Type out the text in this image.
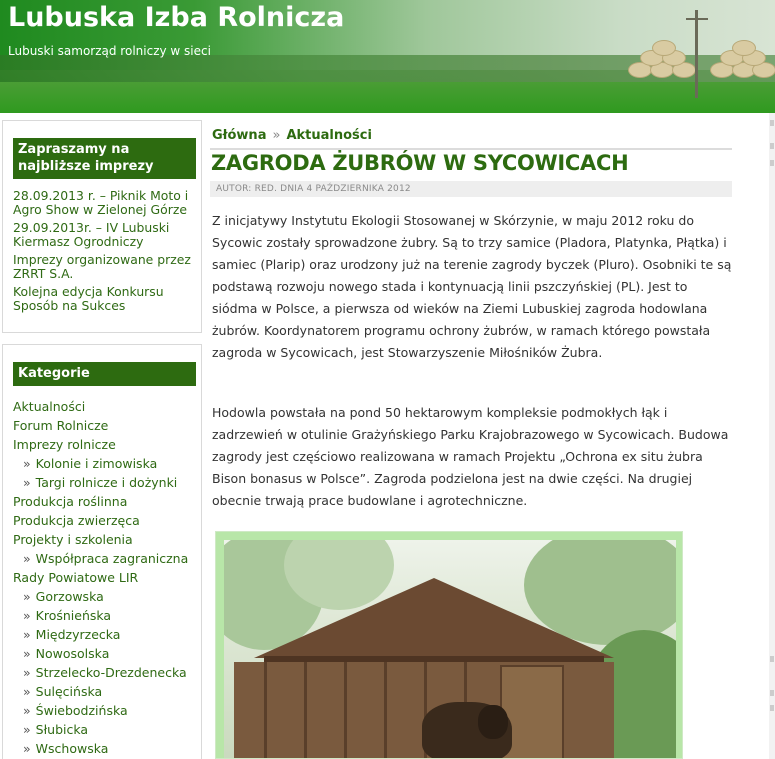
Lubuska Izba Rolnicza
Lubuski samorząd rolniczy w sieci
Zapraszamy na najbliższe imprezy
28.09.2013 r. – Piknik Moto i Agro Show w Zielonej Górze
29.09.2013r. – IV Lubuski Kiermasz Ogrodniczy
Imprezy organizowane przez ZRRT S.A.
Kolejna edycja Konkursu Sposób na Sukces
Kategorie
Aktualności
Forum Rolnicze
Imprezy rolnicze
» Kolonie i zimowiska
» Targi rolnicze i dożynki
Produkcja roślinna
Produkcja zwierzęca
Projekty i szkolenia
» Współpraca zagraniczna
Rady Powiatowe LIR
» Gorzowska
» Krośnieńska
» Międzyrzecka
» Nowosolska
» Strzelecko-Drezdenecka
» Sulęcińska
» Świebodzińska
» Słubicka
» Wschowska
Główna » Aktualności
ZAGRODA ŻUBRÓW W SYCOWICACH
AUTOR: RED. DNIA 4 PAŹDZIERNIKA 2012

Z inicjatywy Instytutu Ekologii Stosowanej w Skórzynie, w maju 2012 roku do Sycowic zostały sprowadzone żubry. Są to trzy samice (Pladora, Platynka, Płątka) i samiec (Plarip) oraz urodzony już na terenie zagrody byczek (Pluro). Osobniki te są podstawą rozwoju nowego stada i kontynuacją linii pszczyńskiej (PL). Jest to siódma w Polsce, a pierwsza od wieków na Ziemi Lubuskiej zagroda hodowlana żubrów. Koordynatorem programu ochrony żubrów, w ramach którego powstała zagroda w Sycowicach, jest Stowarzyszenie Miłośników Żubra.

Hodowla powstała na pond 50 hektarowym kompleksie podmokłych łąk i zadrzewień w otulinie Grażyńskiego Parku Krajobrazowego w Sycowicach. Budowa zagrody jest częściowo realizowana w ramach Projektu „Ochrona ex situ żubra Bison bonasus w Polsce”. Zagroda podzielona jest na dwie części. Na drugiej obecnie trwają prace budowlane i agrotechniczne.
